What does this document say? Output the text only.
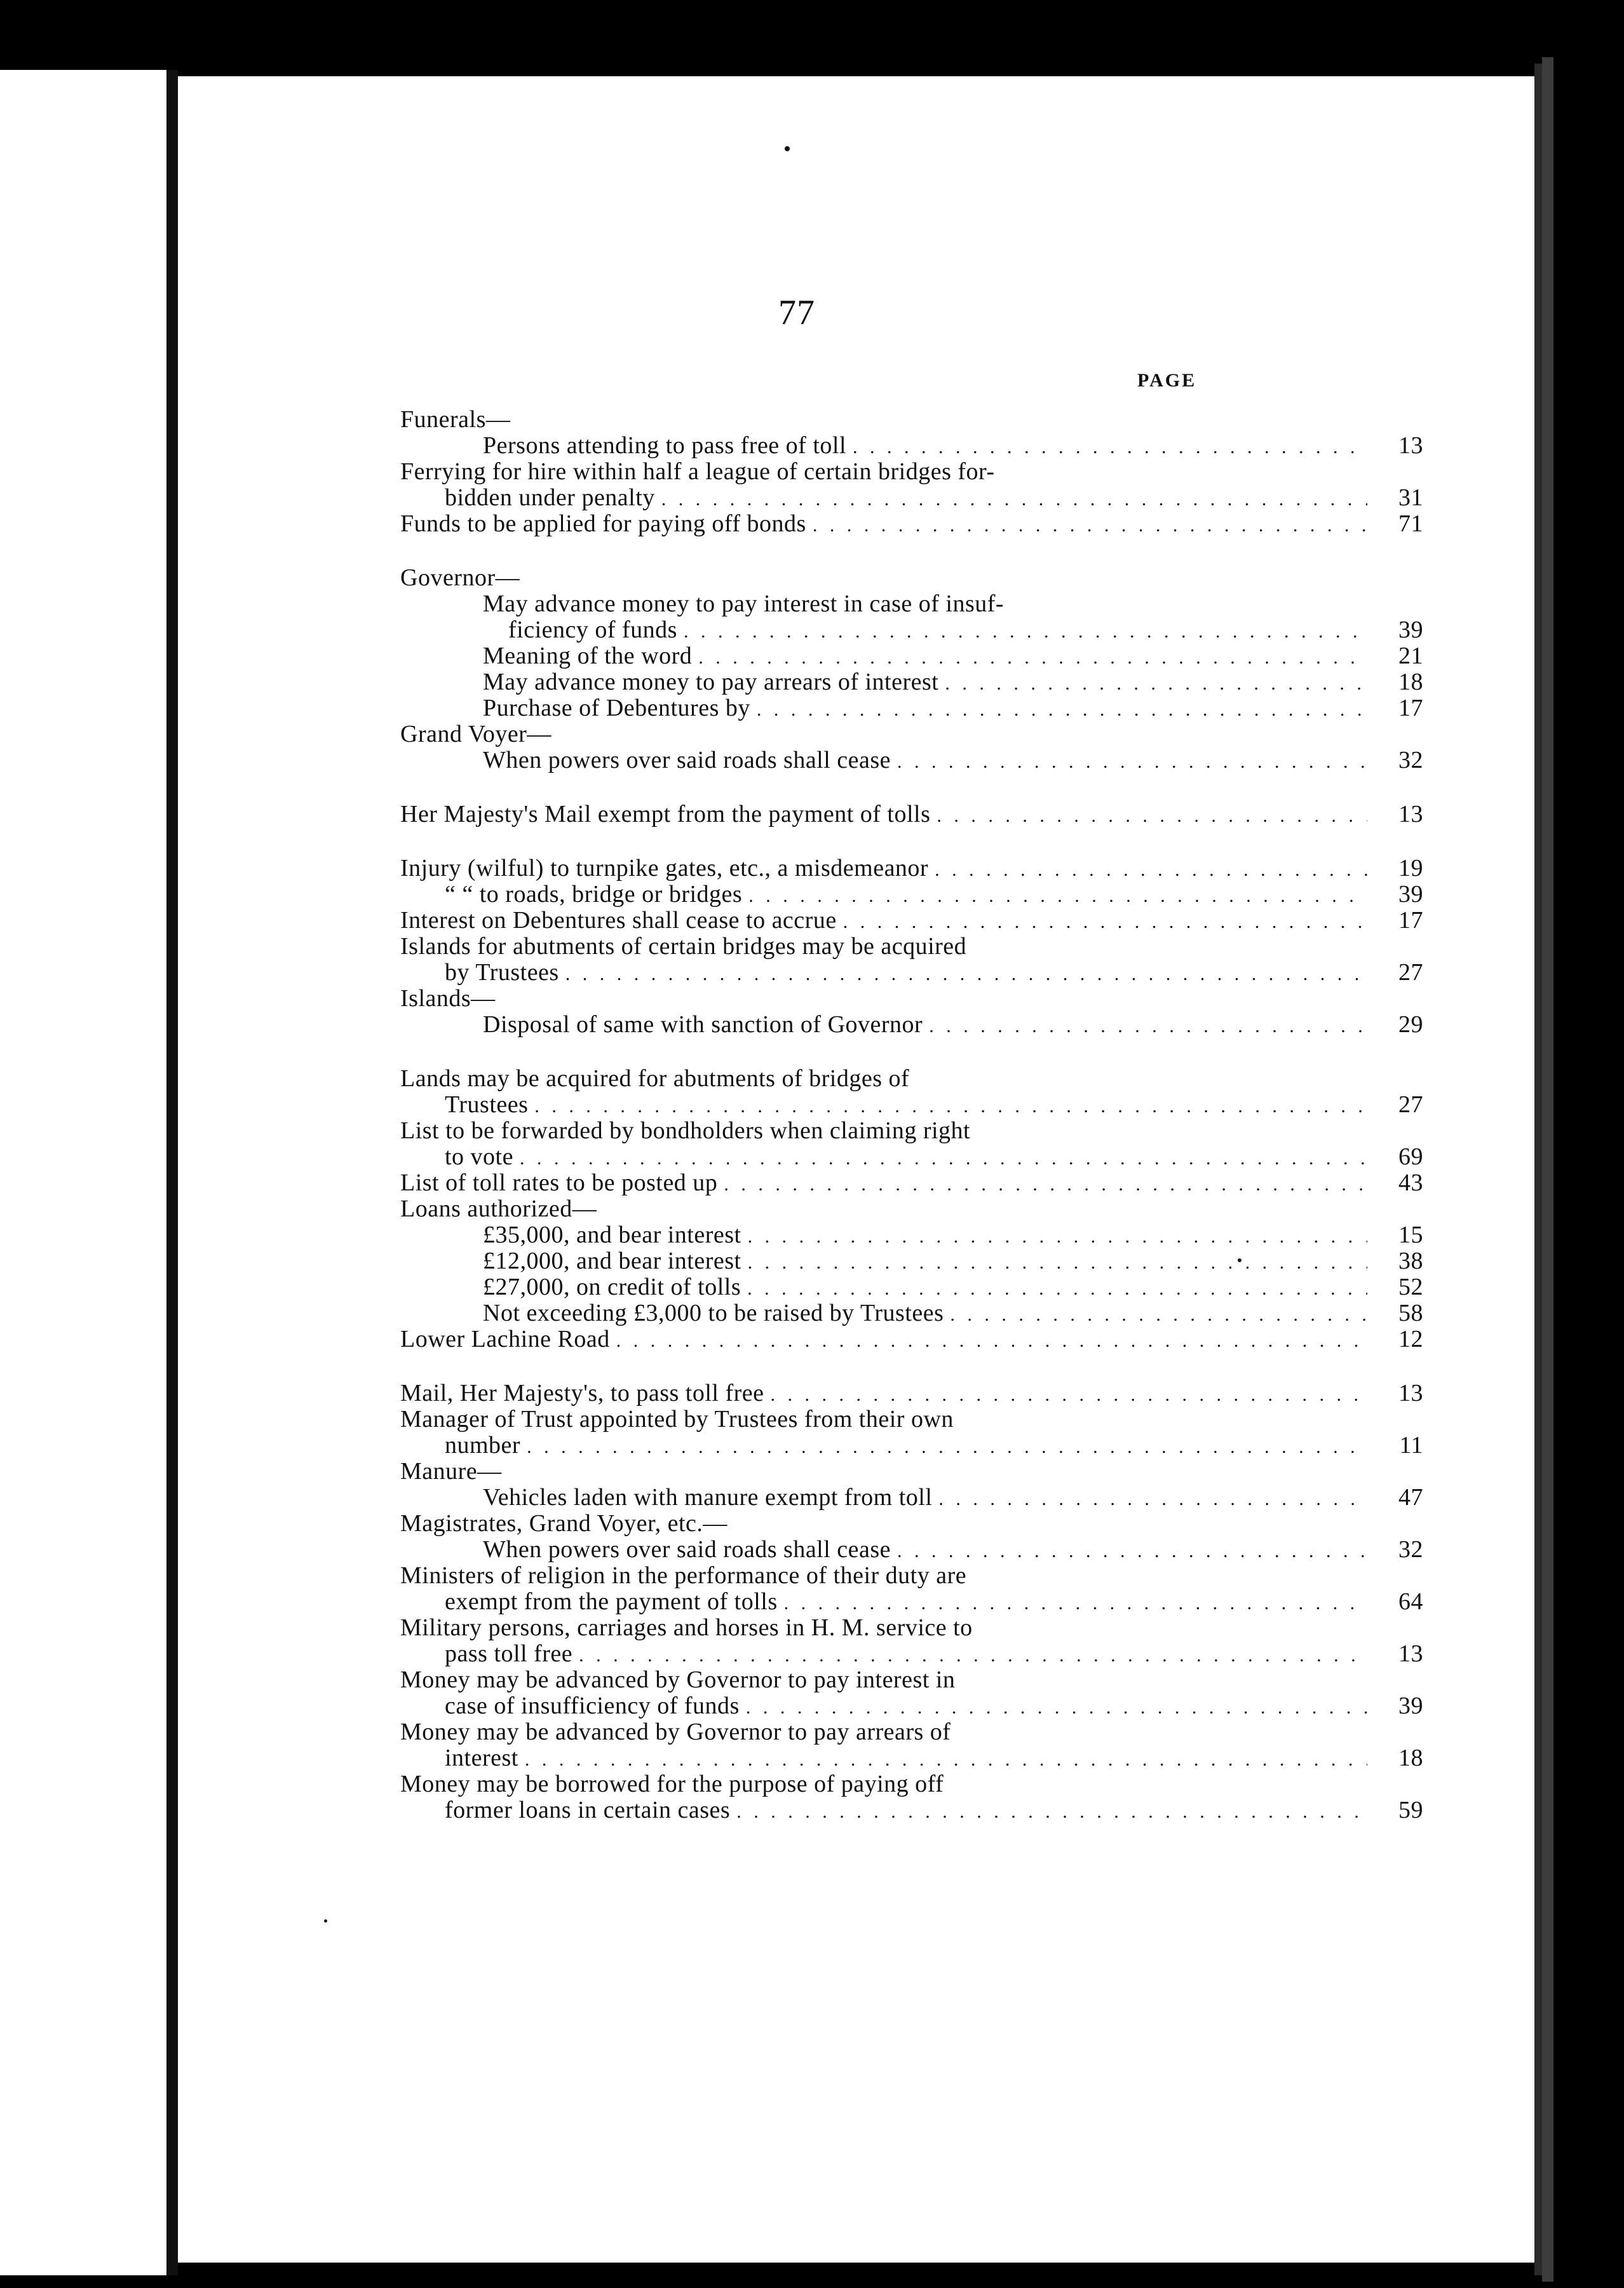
77
PAGE
Funerals—
Persons attending to pass free of toll . . .	13
Ferrying for hire within half a league of certain bridges for-
bidden under penalty . . .	31
Funds to be applied for paying off bonds . . .	71
Governor—
May advance money to pay interest in case of insuf-
ficiency of funds . . .	39
Meaning of the word . . .	21
May advance money to pay arrears of interest . . .	18
Purchase of Debentures by . . .	17
Grand Voyer—
When powers over said roads shall cease . . .	32
Her Majesty's Mail exempt from the payment of tolls . . .	13
Injury (wilful) to turnpike gates, etc., a misdemeanor . . .	19
“ “ to roads, bridge or bridges . . .	39
Interest on Debentures shall cease to accrue . . .	17
Islands for abutments of certain bridges may be acquired
by Trustees . . .	27
Islands—
Disposal of same with sanction of Governor . . .	29
Lands may be acquired for abutments of bridges of
Trustees . . .	27
List to be forwarded by bondholders when claiming right
to vote . . .	69
List of toll rates to be posted up . . .	43
Loans authorized—
£35,000, and bear interest . . .	15
£12,000, and bear interest . . .	38
£27,000, on credit of tolls . . .	52
Not exceeding £3,000 to be raised by Trustees . . .	58
Lower Lachine Road . . .	12
Mail, Her Majesty's, to pass toll free . . .	13
Manager of Trust appointed by Trustees from their own
number . . .	11
Manure—
Vehicles laden with manure exempt from toll . . .	47
Magistrates, Grand Voyer, etc.—
When powers over said roads shall cease . . .	32
Ministers of religion in the performance of their duty are
exempt from the payment of tolls . . .	64
Military persons, carriages and horses in H. M. service to
pass toll free . . .	13
Money may be advanced by Governor to pay interest in
case of insufficiency of funds . . .	39
Money may be advanced by Governor to pay arrears of
interest . . .	18
Money may be borrowed for the purpose of paying off
former loans in certain cases . . .	59
